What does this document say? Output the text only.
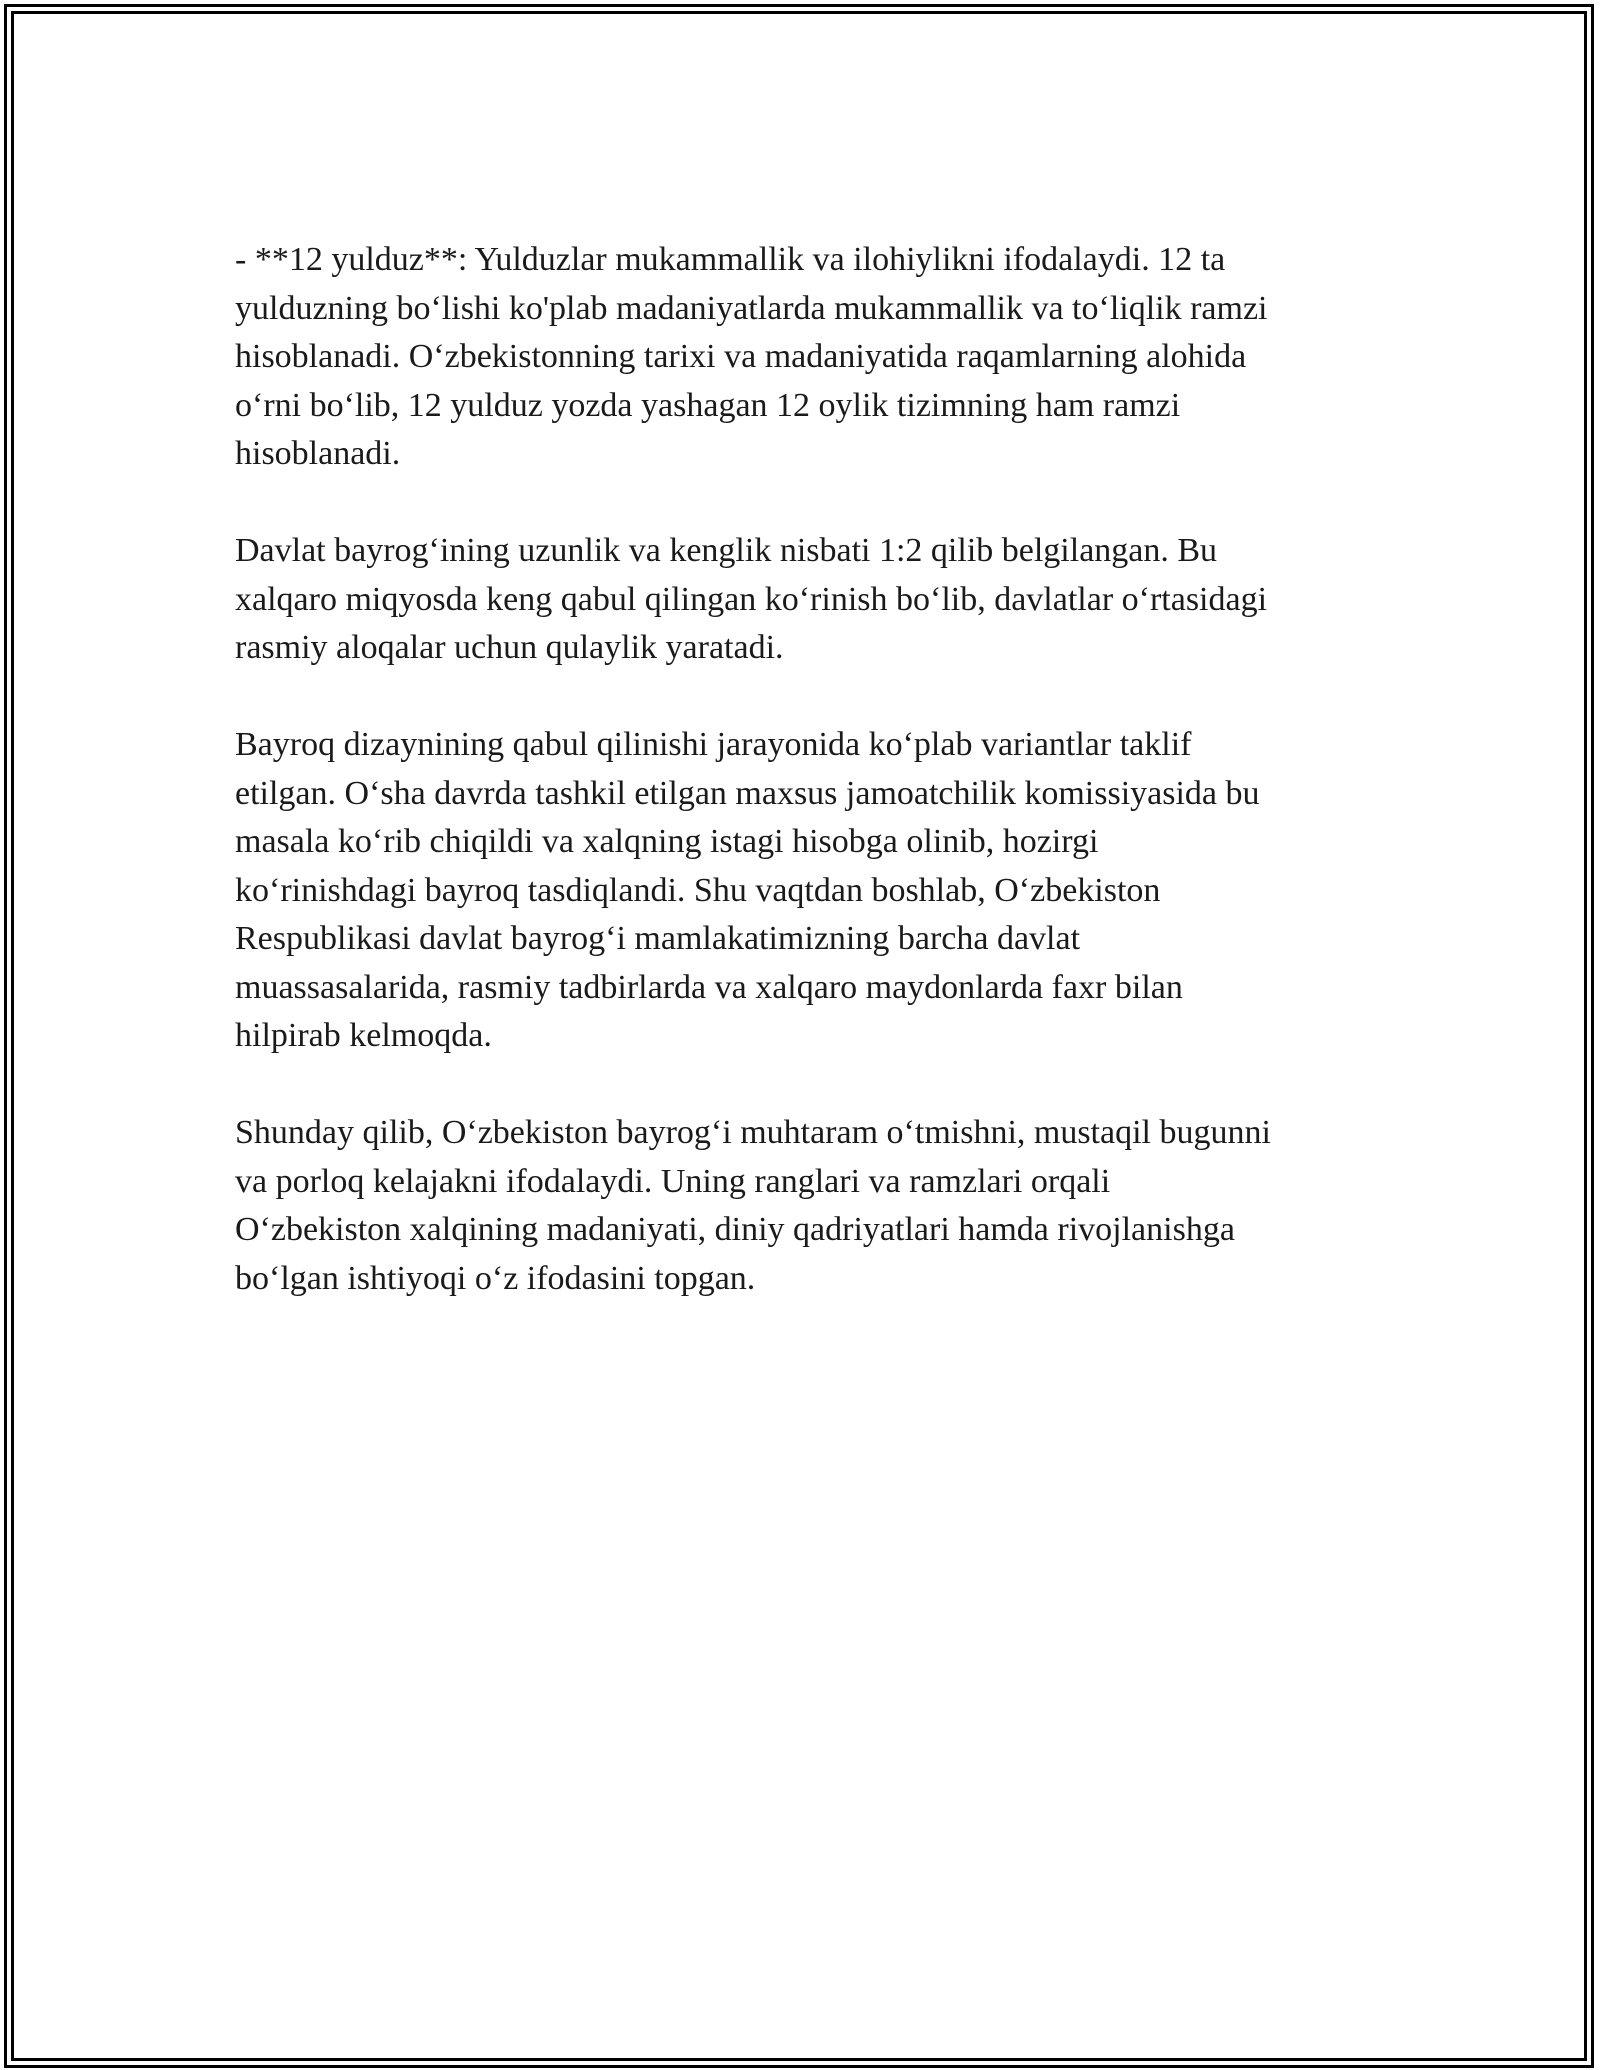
- **12 yulduz**: Yulduzlar mukammallik va ilohiylikni ifodalaydi. 12 ta
yulduzning bo‘lishi ko'plab madaniyatlarda mukammallik va to‘liqlik ramzi
hisoblanadi. O‘zbekistonning tarixi va madaniyatida raqamlarning alohida
o‘rni bo‘lib, 12 yulduz yozda yashagan 12 oylik tizimning ham ramzi
hisoblanadi.

Davlat bayrog‘ining uzunlik va kenglik nisbati 1:2 qilib belgilangan. Bu
xalqaro miqyosda keng qabul qilingan ko‘rinish bo‘lib, davlatlar o‘rtasidagi
rasmiy aloqalar uchun qulaylik yaratadi.

Bayroq dizaynining qabul qilinishi jarayonida ko‘plab variantlar taklif
etilgan. O‘sha davrda tashkil etilgan maxsus jamoatchilik komissiyasida bu
masala ko‘rib chiqildi va xalqning istagi hisobga olinib, hozirgi
ko‘rinishdagi bayroq tasdiqlandi. Shu vaqtdan boshlab, O‘zbekiston
Respublikasi davlat bayrog‘i mamlakatimizning barcha davlat
muassasalarida, rasmiy tadbirlarda va xalqaro maydonlarda faxr bilan
hilpirab kelmoqda.

Shunday qilib, O‘zbekiston bayrog‘i muhtaram o‘tmishni, mustaqil bugunni
va porloq kelajakni ifodalaydi. Uning ranglari va ramzlari orqali
O‘zbekiston xalqining madaniyati, diniy qadriyatlari hamda rivojlanishga
bo‘lgan ishtiyoqi o‘z ifodasini topgan.
